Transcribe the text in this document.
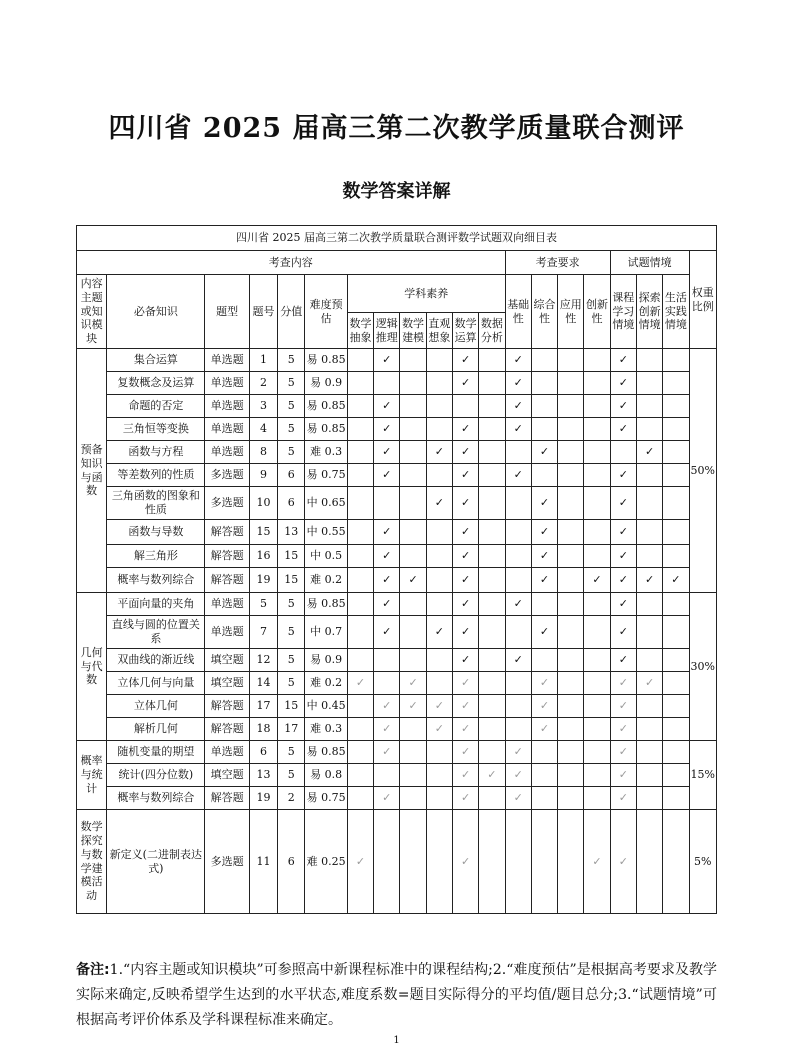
四川省 2025 届高三第二次教学质量联合测评
数学答案详解
四川省 2025 届高三第二次教学质量联合测评数学试题双向细目表																			
考查内容												考查要求				试题情境			权重比例
内容主题或知识模块	必备知识	题型	题号	分值	难度预估	学科素养						基础性	综合性	应用性	创新性	课程学习情境	探索创新情境	生活实践情境	
						数学抽象	逻辑推理	数学建模	直观想象	数学运算	数据分析								
预备知识与函数	集合运算	单选题	1	5	易 0.85		✓			✓		✓				✓			50%
	复数概念及运算	单选题	2	5	易 0.9					✓		✓				✓			
	命题的否定	单选题	3	5	易 0.85		✓					✓				✓			
	三角恒等变换	单选题	4	5	易 0.85		✓			✓		✓				✓			
	函数与方程	单选题	8	5	难 0.3		✓		✓	✓			✓				✓		
	等差数列的性质	多选题	9	6	易 0.75		✓			✓		✓				✓			
	三角函数的图象和性质	多选题	10	6	中 0.65				✓	✓			✓			✓			
	函数与导数	解答题	15	13	中 0.55		✓			✓			✓			✓			
	解三角形	解答题	16	15	中 0.5		✓			✓			✓			✓			
	概率与数列综合	解答题	19	15	难 0.2		✓	✓		✓			✓		✓	✓	✓	✓	
几何与代数	平面向量的夹角	单选题	5	5	易 0.85		✓			✓		✓				✓			30%
	直线与圆的位置关系	单选题	7	5	中 0.7		✓		✓	✓			✓			✓			
	双曲线的渐近线	填空题	12	5	易 0.9					✓		✓				✓			
	立体几何与向量	填空题	14	5	难 0.2	✓		✓		✓			✓			✓	✓		
	立体几何	解答题	17	15	中 0.45		✓	✓	✓	✓			✓			✓			
	解析几何	解答题	18	17	难 0.3		✓		✓	✓			✓			✓			
概率与统计	随机变量的期望	单选题	6	5	易 0.85		✓			✓		✓				✓			15%
	统计(四分位数)	填空题	13	5	易 0.8					✓	✓	✓				✓			
	概率与数列综合	解答题	19	2	易 0.75		✓			✓		✓				✓			
数学探究与数学建模活动	新定义(二进制表达式)	多选题	11	6	难 0.25	✓				✓					✓	✓			5%
备注:1.“内容主题或知识模块”可参照高中新课程标准中的课程结构;2.“难度预估”是根据高考要求及教学实际来确定,反映希望学生达到的水平状态,难度系数=题目实际得分的平均值/题目总分;3.“试题情境”可根据高考评价体系及学科课程标准来确定。
1
